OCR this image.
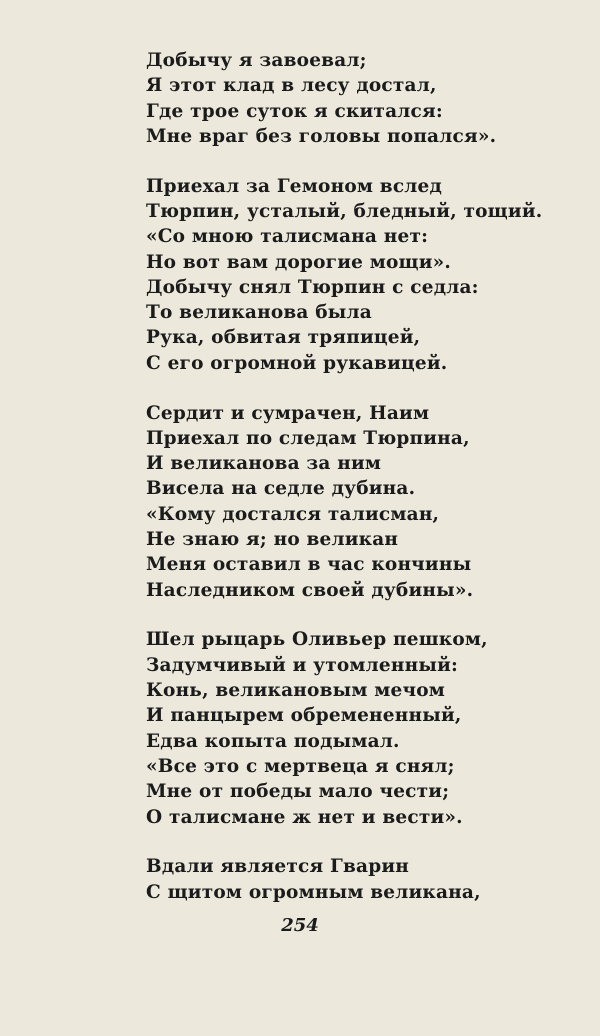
Добычу я завоевал;
Я этот клад в лесу достал,
Где трое суток я скитался:
Мне враг без головы попался».
Приехал за Гемоном вслед
Тюрпин, усталый, бледный, тощий.
«Со мною талисмана нет:
Но вот вам дорогие мощи».
Добычу снял Тюрпин с седла:
То великанова была
Рука, обвитая тряпицей,
С его огромной рукавицей.
Сердит и сумрачен, Наим
Приехал по следам Тюрпина,
И великанова за ним
Висела на седле дубина.
«Кому достался талисман,
Не знаю я; но великан
Меня оставил в час кончины
Наследником своей дубины».
Шел рыцарь Оливьер пешком,
Задумчивый и утомленный:
Конь, великановым мечом
И панцырем обремененный,
Едва копыта подымал.
«Все это с мертвеца я снял;
Мне от победы мало чести;
О талисмане ж нет и вести».
Вдали является Гварин
С щитом огромным великана,
254
